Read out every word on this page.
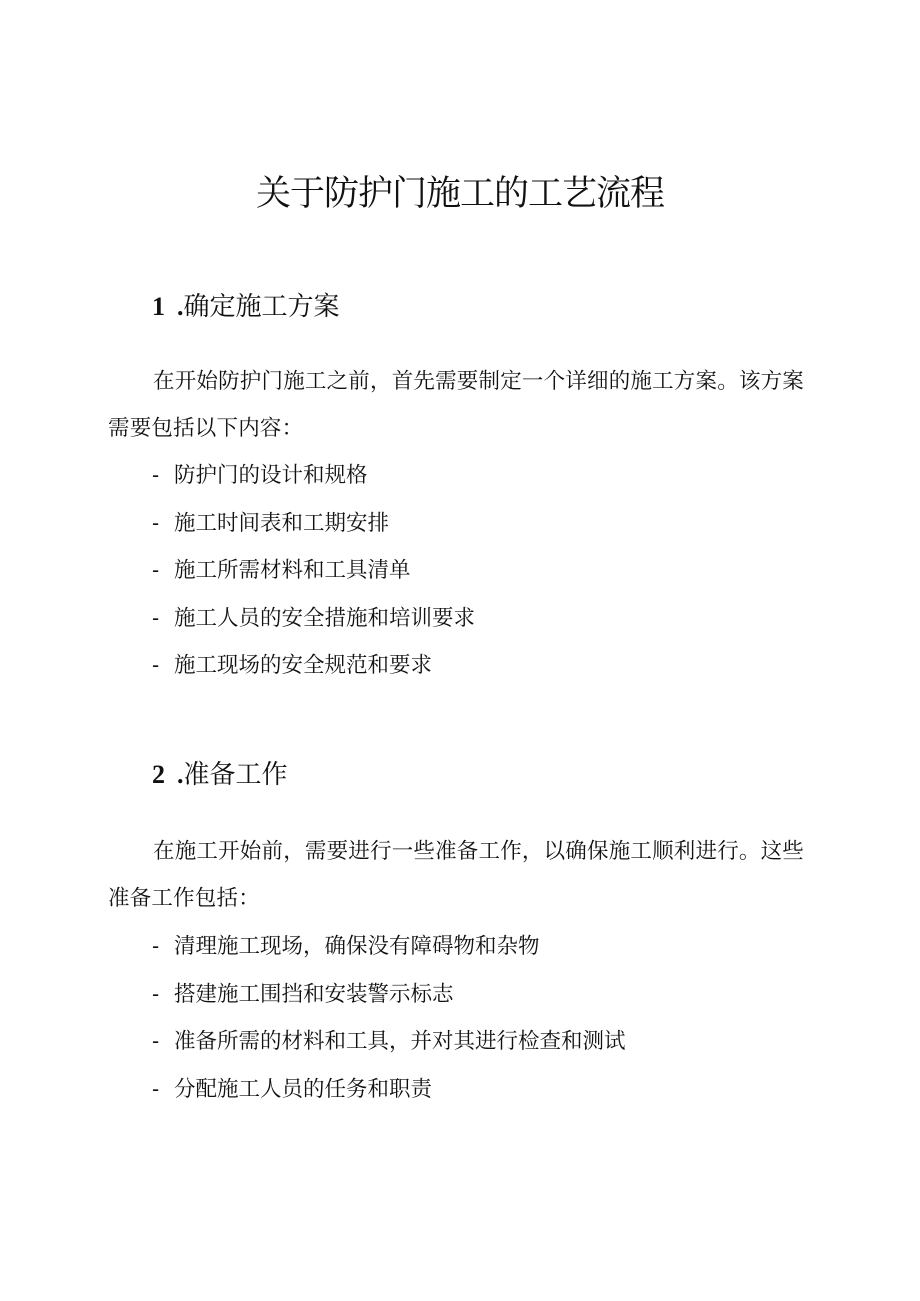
关于防护门施工的工艺流程
1 .确定施工方案

在开始防护门施工之前，首先需要制定一个详细的施工方案。该方案需要包括以下内容：

- 防护门的设计和规格
- 施工时间表和工期安排
- 施工所需材料和工具清单
- 施工人员的安全措施和培训要求
- 施工现场的安全规范和要求
2 .准备工作

在施工开始前，需要进行一些准备工作，以确保施工顺利进行。这些准备工作包括：

- 清理施工现场，确保没有障碍物和杂物
- 搭建施工围挡和安装警示标志
- 准备所需的材料和工具，并对其进行检查和测试
- 分配施工人员的任务和职责
